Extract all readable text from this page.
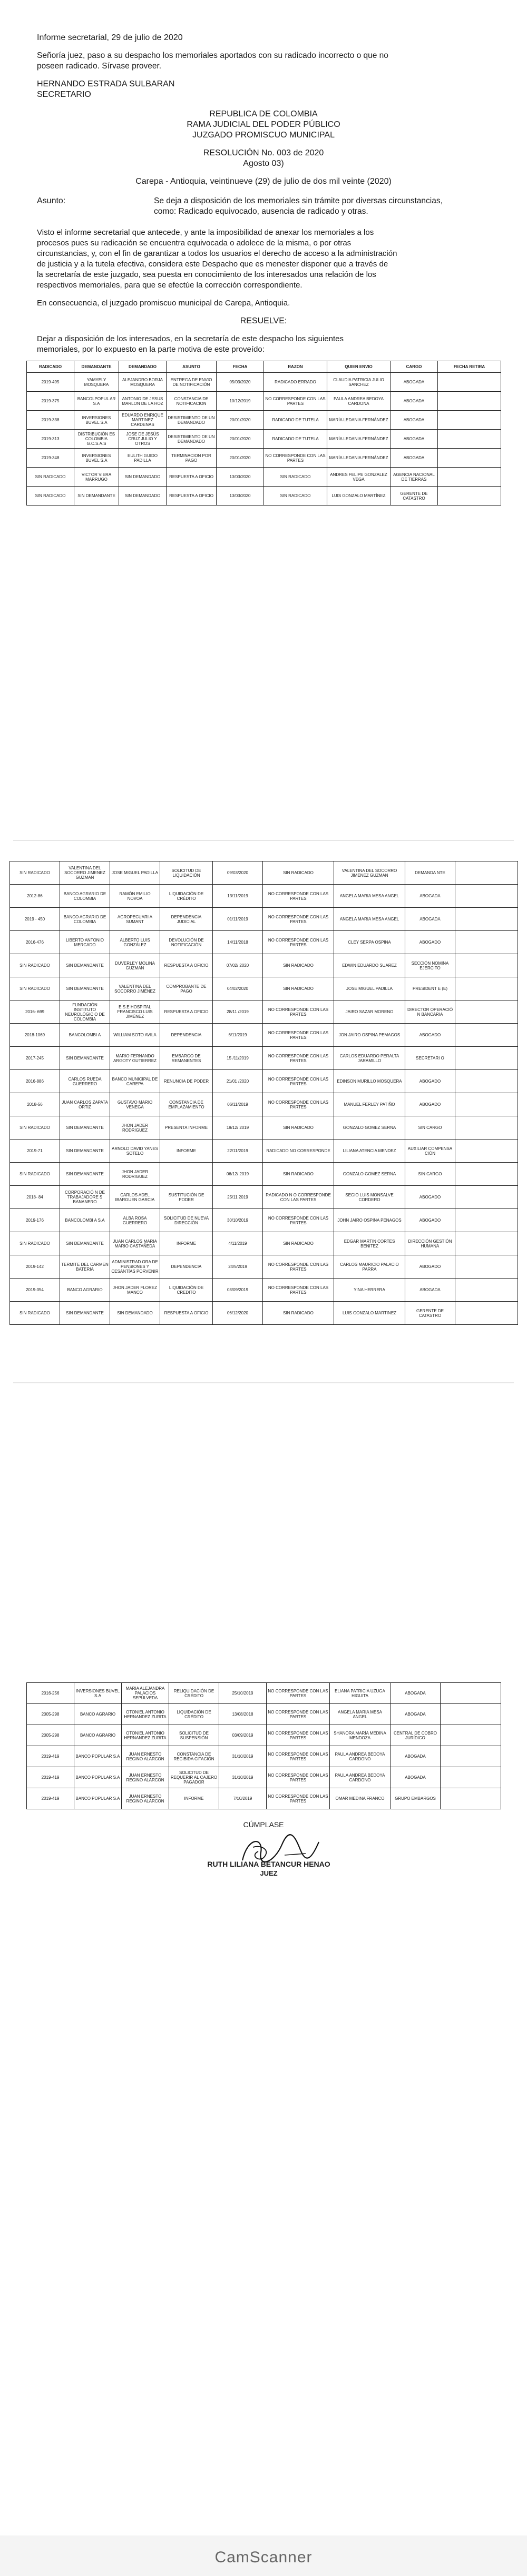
Informe secretarial, 29 de julio de 2020
Señoría juez, paso a su despacho los memoriales aportados con su radicado incorrecto o que no
poseen radicado. Sírvase proveer.
HERNANDO ESTRADA SULBARAN
SECRETARIO
REPUBLICA DE COLOMBIA
RAMA JUDICIAL DEL PODER PÚBLICO
JUZGADO PROMISCUO MUNICIPAL
RESOLUCIÓN No. 003 de 2020
Agosto 03)
Carepa - Antioquia, veintinueve (29) de julio de dos mil veinte (2020)
Asunto:	Se deja a disposición de los memoriales sin trámite por diversas circunstancias,
como: Radicado equivocado, ausencia de radicado y otras.
Visto el informe secretarial que antecede, y ante la imposibilidad de anexar los memoriales a los
procesos pues su radicación se encuentra equivocada o adolece de la misma, o por otras
circunstancias, y, con el fin de garantizar a todos los usuarios el derecho de acceso a la administración
de justicia y a la tutela efectiva, considera este Despacho que es menester disponer que a través de
la secretaría de este juzgado, sea puesta en conocimiento de los interesados una relación de los
respectivos memoriales, para que se efectúe la corrección correspondiente.
En consecuencia, el juzgado promiscuo municipal de Carepa, Antioquia.
RESUELVE:
Dejar a disposición de los interesados, en la secretaría de este despacho los siguientes
memoriales, por lo expuesto en la parte motiva de este proveído:
RADICADO	DEMANDANTE	DEMANDADO	ASUNTO	FECHA	RAZON	QUIEN ENVIO	CARGO	FECHA RETIRA
2019-495	YAMYELY MOSQUERA	ALEJANDRO BORJA MOSQUERA	ENTREGA DE ENVIO DE NOTIFICACIÓN	05/03/2020	RADICADO ERRADO	CLAUDIA PATRICIA JULIO SANCHEZ	ABOGADA	
2019-375	BANCOLPOPUL AR S.A	ANTONIO DE JESUS MARLON DE LA HOZ	CONSTANCIA DE NOTIFICACION	10/12/2019	NO CORRESPONDE CON LAS PARTES	PAULA ANDREA BEDOYA CARDONA	ABOGADA	
2019-338	INVERSIONES BUVEL S.A	EDUARDO ENRIQUE MARTINEZ CARDENAS	DESISTIMIENTO DE UN DEMANDADO	20/01/2020	RADICADO DE TUTELA	MARÍA LEDANIA FERNÁNDEZ	ABOGADA	
2019-313	DISTRIBUCIÓN ES COLOMBIA G.C.S.A.S	JOSE DE JESÚS CRUZ JULIO Y OTROS	DESISTIMIENTO DE UN DEMANDADO	20/01/2020	RADICADO DE TUTELA	MARÍA LEDANIA FERNÁNDEZ	ABOGADA	
2019-348	INVERSIONES BUVEL S.A	EULITH GUIDO PADILLA	TERMINACION POR PAGO	20/01/2020	NO CORRESPONDE CON LAS PARTES	MARÍA LEDANIA FERNÁNDEZ	ABOGADA	
SIN RADICADO	VICTOR VIERA MARRUGO	SIN DEMANDADO	RESPUESTA A OFICIO	13/03/2020	SIN RADICADO	ANDRES FELIPE GONZALEZ VEGA	AGENCIA NACIONAL DE TIERRAS	
SIN RADICADO	SIN DEMANDANTE	SIN DEMANDADO	RESPUESTA A OFICIO	13/03/2020	SIN RADICADO	LUIS GONZALO MARTÍNEZ	GERENTE DE CATASTRO	
SIN RADICADO	VALENTINA DEL SOCORRO JIMENEZ GUZMAN	JOSE MIGUEL PADILLA	SOLICITUD DE LIQUIDACIÓN	09/03/2020	SIN RADICADO	VALENTINA DEL SOCORRO JIMENEZ GUZMAN	DEMANDA NTE	
2012-86	BANCO AGRARIO DE COLOMBIA	RAMÓN EMILIO NOVOA	LIQUIDACIÓN DE CRÉDITO	13/11/2019	NO CORRESPONDE CON LAS PARTES	ANGELA MARIA MESA ANGEL	ABOGADA	
2019 - 450	BANCO AGRARIO DE COLOMBIA	AGROPECUARI A SUMANT	DEPENDENCIA JUDICIAL	01/11/2019	NO CORRESPONDE CON LAS PARTES	ANGELA MARIA MESA ANGEL	ABOGADA	
2016-476	LIBERTO ANTONIO MERCADO	ALBERTO LUIS GONZÁLEZ	DEVOLUCIÓN DE NOTIFICACIÓN	14/11/2018	NO CORRESPONDE CON LAS PARTES	CLEY SERPA OSPINA	ABOGADO	
SIN RADICADO	SIN DEMANDANTE	DUVERLEY MOLINA GUZMAN	RESPUESTA A OFICIO	07/02/ 2020	SIN RADICADO	EDWIN EDUARDO SUAREZ	SECCIÓN NOMINA EJERCITO	
SIN RADICADO	SIN DEMANDANTE	VALENTINA DEL SOCORRO JIMÉNEZ	COMPROBANTE DE PAGO	04/02/2020	SIN RADICADO	JOSE MIGUEL PADILLA	PRESIDENT E (E)	
2016- 699	FUNDACIÓN INSTITUTO NEUROLÓGIC O DE COLOMBIA	E.S.E HOSPITAL FRANCISCO LUIS JIMÉNEZ	RESPUESTA A OFICIO	28/11 /2019	NO CORRESPONDE CON LAS PARTES	JAIRO SAZAR MORENO	DIRECTOR OPERACIÓ N BANCARIA	
2018-1069	BANCOLOMBI A	WILLIAM SOTO AVILA	DEPENDENCIA	6/11/2019	NO CORRESPONDE CON LAS PARTES	JON JAIRO OSPINA PEMAGOS	ABOGADO	
2017-245	SIN DEMANDANTE	MARIO FERNANDO ARGOTY GUTIERREZ	EMBARGO DE REMANENTES	15 /11/2019	NO CORRESPONDE CON LAS PARTES	CARLOS EDUARDO PERALTA JARAMILLO	SECRETARI O	
2016-886	CARLOS RUEDA GUERRERO	BANCO MUNICIPAL DE CAREPA	RENUNCIA DE PODER	21/01 /2020	NO CORRESPONDE CON LAS PARTES	EDINSON MURILLO MOSQUERA	ABOGADO	
2018-56	JUAN CARLOS ZAPATA ORTIZ	GUSTAVO MARIO VENEGA	CONSTANCIA DE EMPLAZAMIENTO	06/11/2019	NO CORRESPONDE CON LAS PARTES	MANUEL FERLEY PATIÑO	ABOGADO	
SIN RADICADO	SIN DEMANDANTE	JHON JADER RODRIGUEZ	PRESENTA INFORME	19/12/ 2019	SIN RADICADO	GONZALO GOMEZ SERNA	SIN CARGO	
2019-71	SIN DEMANDANTE	ARNOLD DAVID YANES SOTELO	INFORME	22/11/2019	RADICADO NO CORRESPONDE	LILIANA ATENCIA MENDEZ	AUXILIAR COMPENSA CIÓN	
SIN RADICADO	SIN DEMANDANTE	JHON JADER RODRIGUEZ		06/12/ 2019	SIN RADICADO	GONZALO GOMEZ SERNA	SIN CARGO	
2018- 84	CORPORACIÓ N DE TRABAJADORE S BANANERO	CARLOS ADEL IBARGUEN GARCIA	SUSTITUCIÓN DE PODER	25/11 2019	RADICADO N O CORRESPONDE CON LAS PARTES	SEGIO LUIS MONSALVE CORDERO	ABOGADO	
2019-176	BANCOLOMBI A S.A	ALBA ROSA GUERRERO	SOLICITUD DE NUEVA DIRECCIÓN	30/10/2019	NO CORRESPONDE CON LAS PARTES	JOHN JAIRO OSPINA PENAGOS	ABOGADO	
SIN RADICADO	SIN DEMANDANTE	JUAN CARLOS MARIA MARIO CASTAÑEDA	INFORME	4/11/2019	SIN RADICADO	EDGAR MARTIN CORTES BENITEZ	DIRECCIÓN GESTIÓN HUMANA	
2019-142	TERMITE DEL CARMEN BATERIA	ADMINISTRAD ORA DE PENSIONES Y CESANTÍAS PORVENIR	DEPENDENCIA	24/5/2019	NO CORRESPONDE CON LAS PARTES	CARLOS MAURICIO PALACIO PARRA	ABOGADO	
2019-354	BANCO AGRARIO	JHON JADER FLOREZ MANCO	LIQUIDACIÓN DE CREDITO	03/09/2019	NO CORRESPONDE CON LAS PARTES	YINA HERRERA	ABOGADA	
SIN RADICADO	SIN DEMANDANTE	SIN DEMANDADO	RESPUESTA A OFICIO	06/12/2020	SIN RADICADO	LUIS GONZALO MARTINEZ	GERENTE DE CATASTRO	
2016-256	INVERSIONES BUVEL S.A	MARIA ALEJANDRA PALACIOS SEPÚLVEDA	RELIQUIDACIÓN DE CRÉDITO	25/10/2019	NO CORRESPONDE CON LAS PARTES	ELIANA PATRICIA UZUGA HIGUITA	ABOGADA	
2005-298	BANCO AGRARIO	OTONIEL ANTONIO HERNANDEZ ZURITA	LIQUIDACIÓN DE CRÉDITO	13/08/2018	NO CORRESPONDE CON LAS PARTES	ANGELA MARIA MESA ANGEL	ABOGADA	
2005-298	BANCO AGRARIO	OTONIEL ANTONIO HERNANDEZ ZURITA	SOLICITUD DE SUSPENSIÓN	03/09/2019	NO CORRESPONDE CON LAS PARTES	SHANORA MARÍA MEDINA MENDOZA	CENTRAL DE COBRO JURÍDICO	
2019-419	BANCO POPULAR S.A	JUAN ERNESTO REGINO ALARCON	CONSTANCIA DE RECIBIDA CITACIÓN	31/10/2019	NO CORRESPONDE CON LAS PARTES	PAULA ANDREA BEDOYA CARDONO	ABOGADA	
2019-419	BANCO POPULAR S.A	JUAN ERNESTO REGINO ALARCON	SOLICITUD DE REQUERIR AL CAJERO PAGADOR	31/10/2019	NO CORRESPONDE CON LAS PARTES	PAULA ANDREA BEDOYA CARDONO	ABOGADA	
2019-419	BANCO POPULAR S.A	JUAN ERNESTO REGINO ALARCON	INFORME	7/10/2019	NO CORRESPONDE CON LAS PARTES	OMAR MEDINA FRANCO	GRUPO EMBARGOS	
CÚMPLASE
RUTH LILIANA BETANCUR HENAO
JUEZ
CamScanner
